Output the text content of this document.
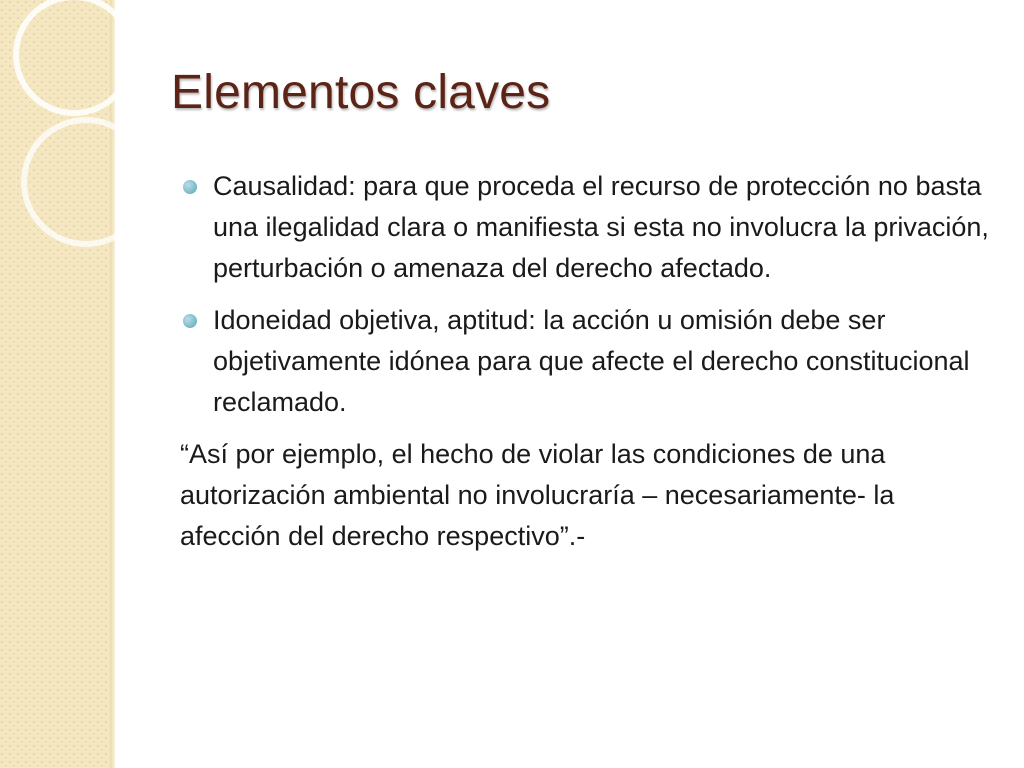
Elementos claves
Causalidad: para que proceda el recurso de protección no basta una ilegalidad clara o manifiesta si esta no involucra la privación, perturbación o amenaza del derecho afectado.
Idoneidad objetiva, aptitud: la acción u omisión debe ser objetivamente idónea para que afecte el derecho constitucional reclamado.

“Así por ejemplo, el hecho de violar las condiciones de una autorización ambiental no involucraría – necesariamente- la afección del derecho respectivo”.-
